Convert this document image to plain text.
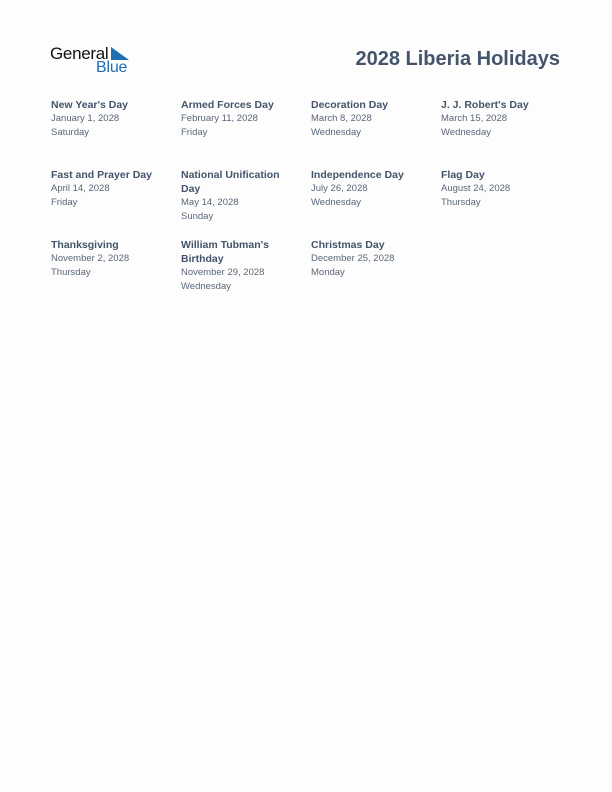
General
Blue	2028 Liberia Holidays
New Year's Day
January 1, 2028
Saturday
Armed Forces Day
February 11, 2028
Friday
Decoration Day
March 8, 2028
Wednesday
J. J. Robert's Day
March 15, 2028
Wednesday
Fast and Prayer Day
April 14, 2028
Friday
National Unification Day
May 14, 2028
Sunday
Independence Day
July 26, 2028
Wednesday
Flag Day
August 24, 2028
Thursday
Thanksgiving
November 2, 2028
Thursday
William Tubman's Birthday
November 29, 2028
Wednesday
Christmas Day
December 25, 2028
Monday
